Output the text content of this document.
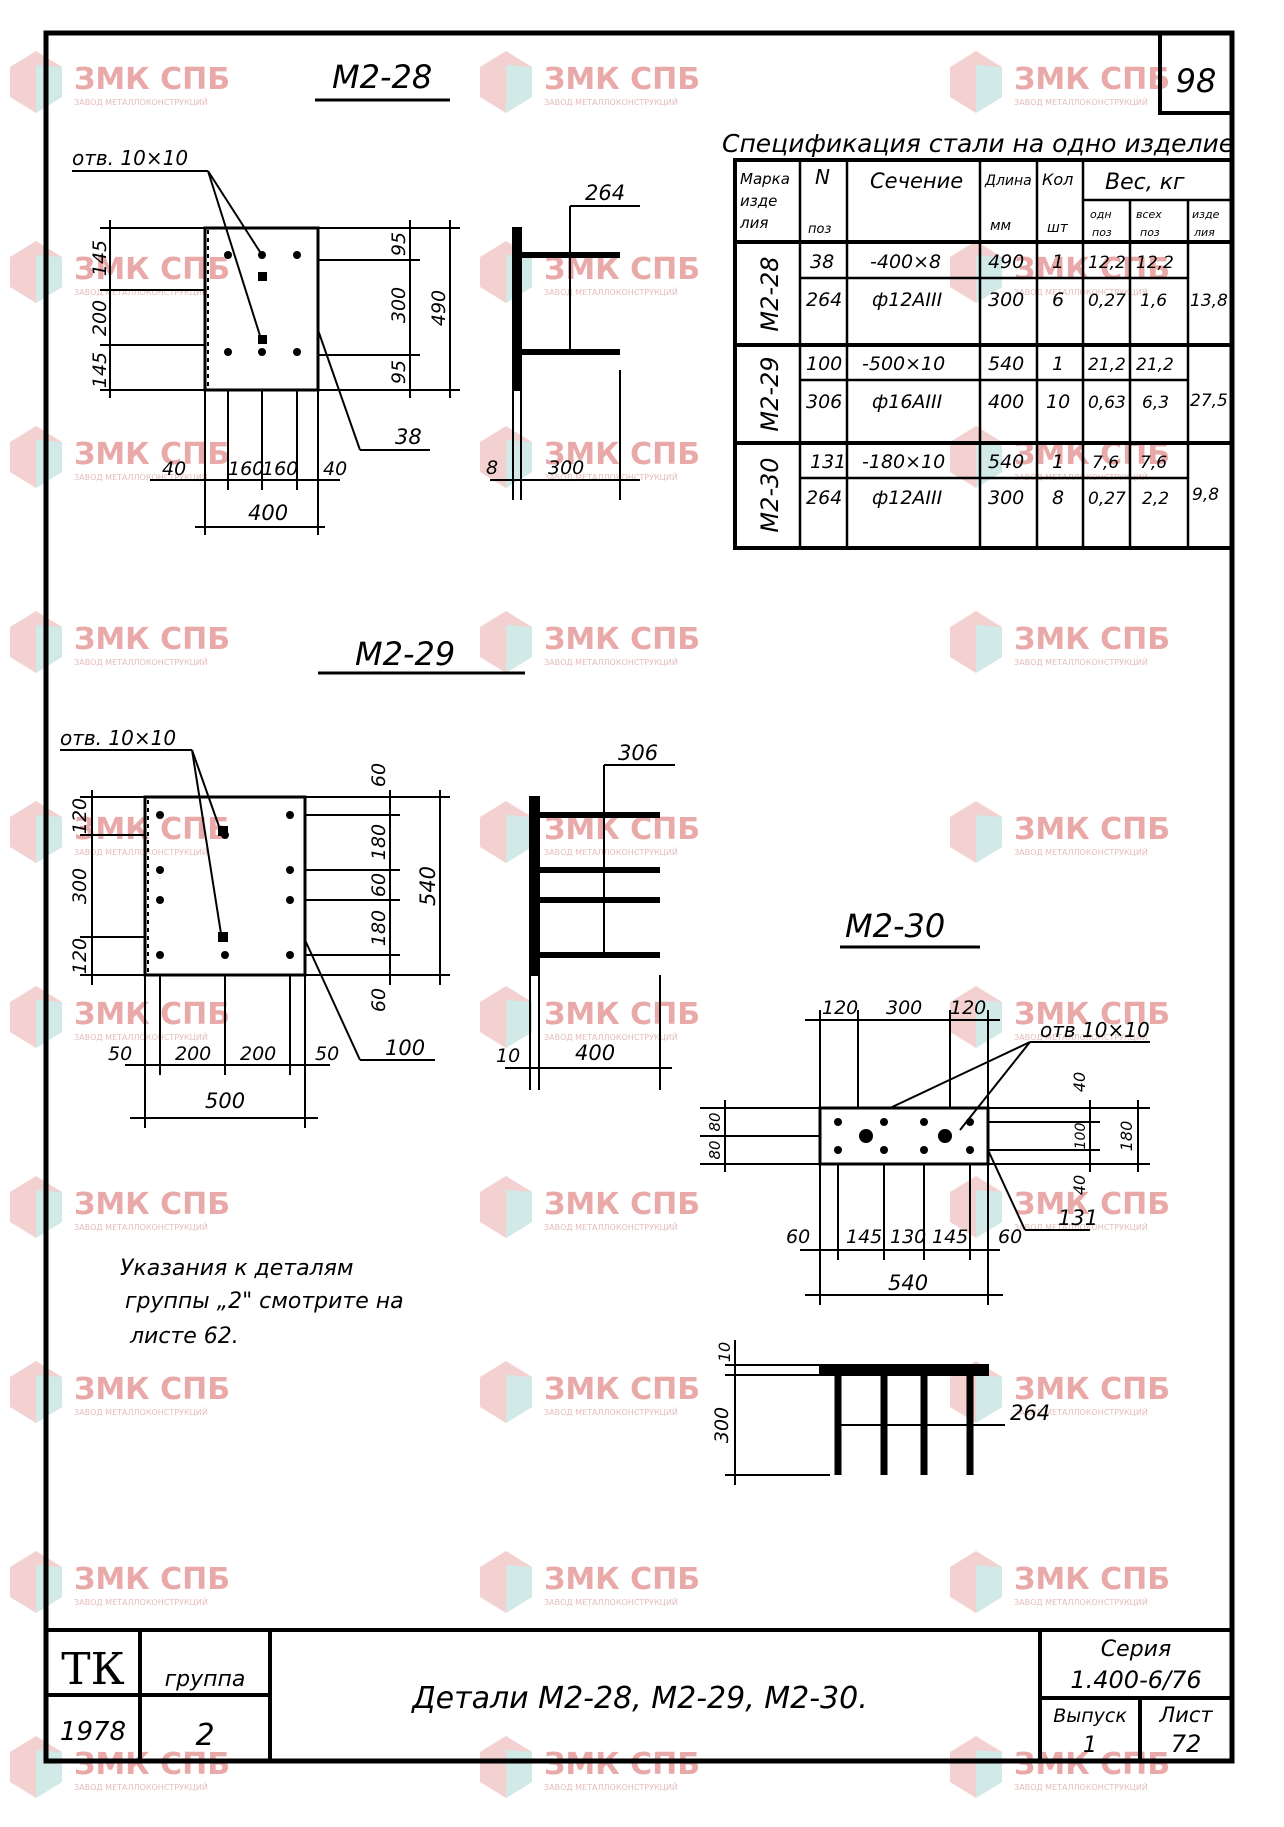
ЗМК СПБ
ЗАВОД МЕТАЛЛОКОНСТРУКЦИЙ
98
Спецификация стали на одно изделие
Марка
изде
лия
N
поз
Сечение Длина
мм
Кол
шт
Вес, кг
одн
поз
всех
поз
изде
лия
М2-28
М2-29
М2-30
38 -400×8 490 1 12,2 12,2
264 ф12АIII 300 6 0,27 1,6 13,8
100 -500×10 540 1 21,2 21,2
306 ф16АIII 400 10 0,63 6,3 27,5
131 -180×10 540 1 7,6 7,6
264 ф12АIII 300 8 0,27 2,2 9,8
М2-28
отв. 10×10
145
200
145
95
300
95
490
40 160
160 40
400
38
264
8	300
М2-29
отв. 10×10
120
300
120
60
180
60
180
60
540
50 200 200 50
500
100
306
10	400
М2-30
отв 10×10
120 300 120
80
80
40
100
40
180
60 145 130 145 60
540
131
264
10
300
Указания к деталям
группы „2" смотрите на
листе 62.
ТК группа
1978 2
Детали М2-28, М2-29, М2-30.
Серия
1.400-6/76
Выпуск
1
Лист
72
